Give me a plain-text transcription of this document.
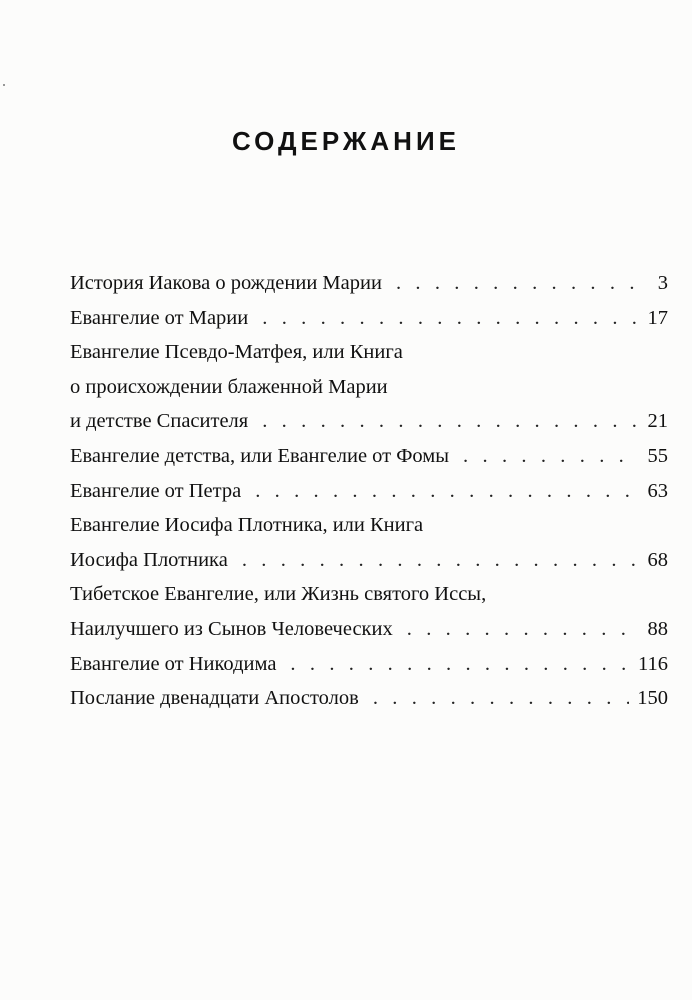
СОДЕРЖАНИЕ
История Иакова о рождении Марии . . .	3
Евангелие от Марии . . .	17
Евангелие Псевдо-Матфея, или Книга
о происхождении блаженной Марии
и детстве Спасителя . . .	21
Евангелие детства, или Евангелие от Фомы . . .	55
Евангелие от Петра . . .	63
Евангелие Иосифа Плотника, или Книга
Иосифа Плотника . . .	68
Тибетское Евангелие, или Жизнь святого Иссы,
Наилучшего из Сынов Человеческих . . .	88
Евангелие от Никодима . . .	116
Послание двенадцати Апостолов . . .	150
